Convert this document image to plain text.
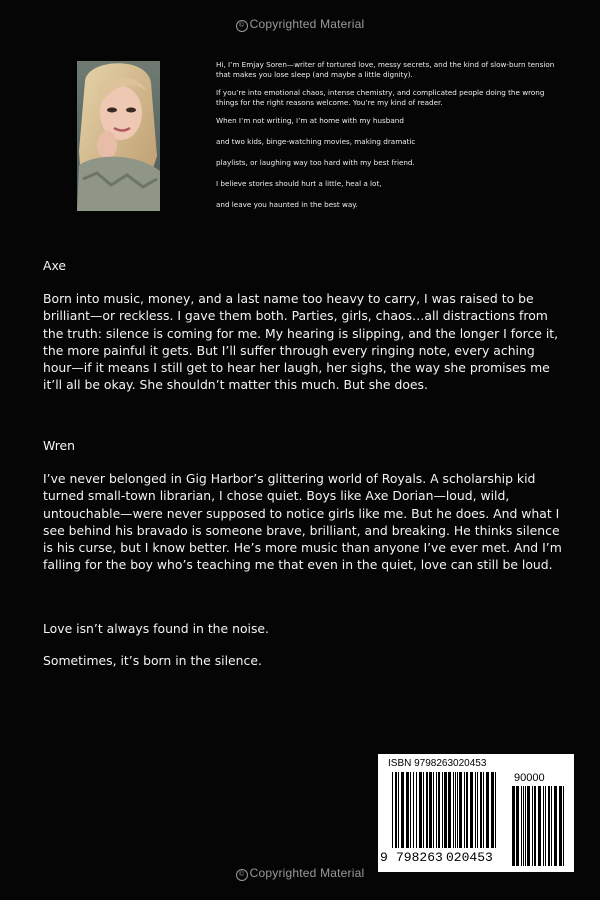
© Copyrighted Material

Hi, I’m Emjay Soren—writer of tortured love, messy secrets, and the kind of slow-burn tension that makes you lose sleep (and maybe a little dignity).

If you’re into emotional chaos, intense chemistry, and complicated people doing the wrong things for the right reasons welcome. You’re my kind of reader.

When I’m not writing, I’m at home with my husband

and two kids, binge-watching movies, making dramatic

playlists, or laughing way too hard with my best friend.

I believe stories should hurt a little, heal a lot,

and leave you haunted in the best way.

Axe

Born into music, money, and a last name too heavy to carry, I was raised to be brilliant—or reckless. I gave them both. Parties, girls, chaos…all distractions from the truth: silence is coming for me. My hearing is slipping, and the longer I force it, the more painful it gets. But I’ll suffer through every ringing note, every aching hour—if it means I still get to hear her laugh, her sighs, the way she promises me it’ll all be okay. She shouldn’t matter this much. But she does.

Wren

I’ve never belonged in Gig Harbor’s glittering world of Royals. A scholarship kid turned small-town librarian, I chose quiet. Boys like Axe Dorian—loud, wild, untouchable—were never supposed to notice girls like me. But he does. And what I see behind his bravado is someone brave, brilliant, and breaking. He thinks silence is his curse, but I know better. He’s more music than anyone I’ve ever met. And I’m falling for the boy who’s teaching me that even in the quiet, love can still be loud.

Love isn’t always found in the noise.
Sometimes, it’s born in the silence.
ISBN 9798263020453
90000
9 798263 020453
© Copyrighted Material
